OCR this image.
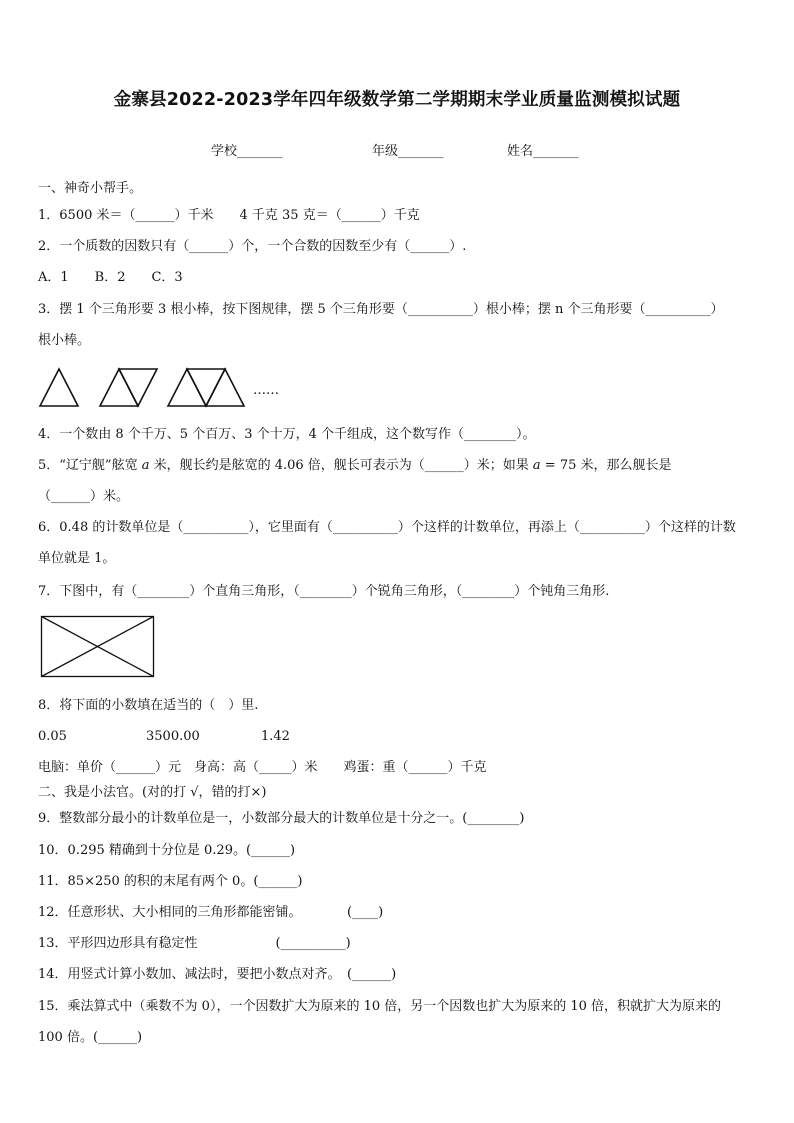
金寨县2022-2023学年四年级数学第二学期期末学业质量监测模拟试题
学校_______	年级_______	姓名_______
一、神奇小帮手。
1．6500 米＝（______）千米　　4 千克 35 克＝（______）千克
2．一个质数的因数只有（______）个，一个合数的因数至少有（______）.
A．1　　B．2　　C．3
3．摆 1 个三角形要 3 根小棒，按下图规律，摆 5 个三角形要（__________）根小棒；摆 n 个三角形要（__________）
根小棒。
……
4．一个数由 8 个千万、5 个百万、3 个十万，4 个千组成，这个数写作（________）。
5．“辽宁舰”舷宽 𝑎 米，舰长约是舷宽的 4.06 倍，舰长可表示为（______）米；如果 𝑎 = 75 米，那么舰长是
（______）米。
6．0.48 的计数单位是（__________），它里面有（__________）个这样的计数单位，再添上（__________）个这样的计数
单位就是 1。
7．下图中，有（________）个直角三角形，（________）个锐角三角形，（________）个钝角三角形.
8．将下面的小数填在适当的（　）里.
0.05	3500.00	1.42
电脑：单价（______）元　身高：高（_____）米　　鸡蛋：重（______）千克
二、我是小法官。(对的打 √，错的打×)
9．整数部分最小的计数单位是一，小数部分最大的计数单位是十分之一。(________)
10．0.295 精确到十分位是 0.29。(______)
11．85×250 的积的末尾有两个 0。(______)
12．任意形状、大小相同的三角形都能密铺。　　　　(____)
13．平形四边形具有稳定性　　　　　　(__________)
14．用竖式计算小数加、减法时，要把小数点对齐。　(______)
15．乘法算式中（乘数不为 0），一个因数扩大为原来的 10 倍，另一个因数也扩大为原来的 10 倍，积就扩大为原来的
100 倍。(______)
